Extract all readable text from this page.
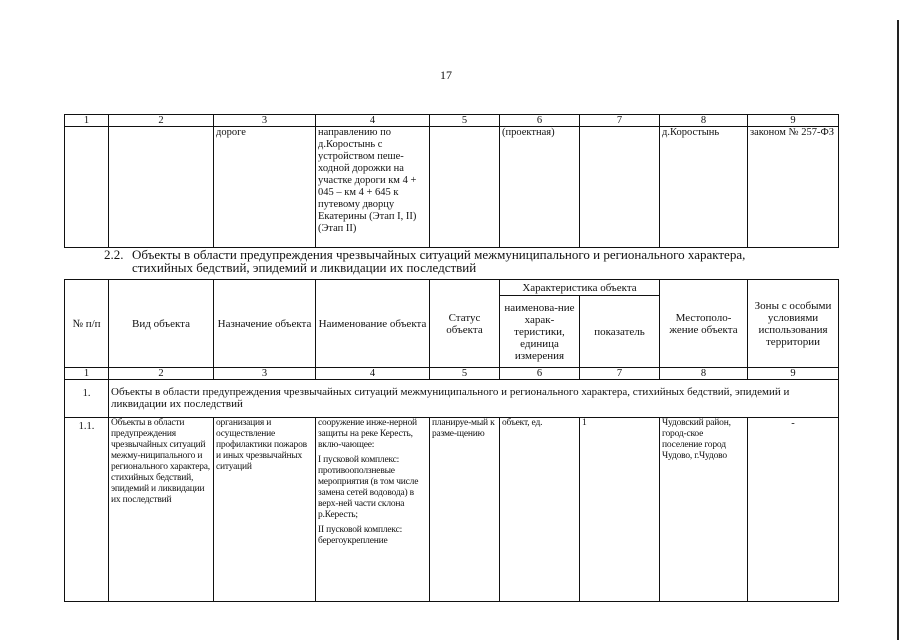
17
1	2	3	4	5	6	7	8	9
		дороге	направлению по д.Коростынь с устройством пеше-ходной дорожки на участке дороги км 4 + 045 – км 4 + 645 к путевому дворцу Екатерины (Этап I, II) (Этап II)		(проектная)		д.Коростынь	законом № 257-ФЗ
2.2. Объекты в области предупреждения чрезвычайных ситуаций межмуниципального и регионального характера,
стихийных бедствий, эпидемий и ликвидации их последствий
№ п/п	Вид объекта	Назначение объекта	Наименование объекта	Статус объекта	Характеристика объекта		Местополо-жение объекта	Зоны с особыми условиями использования территории
					наименова-ние харак-теристики, единица измерения	показатель		
1	2	3	4	5	6	7	8	9
1.	Объекты в области предупреждения чрезвычайных ситуаций межмуниципального и регионального характера, стихийных бедствий, эпидемий и ликвидации их последствий							
1.1.	Объекты в области предупреждения чрезвычайных ситуаций межму-ниципального и регионального характера, стихийных бедствий, эпидемий и ликвидации их последствий	организация и осуществление профилактики пожаров и иных чрезвычайных ситуаций	сооружение инже-нерной защиты на реке Кересть, вклю-чающее:
I пусковой комплекс: противооползневые мероприятия (в том числе замена сетей водовода) в верх-ней части склона р.Кересть;
II пусковой комплекс: берегоукрепление	планируе-мый к разме-щению	объект, ед.	1	Чудовский район, город-ское поселение город Чудово, г.Чудово	-
